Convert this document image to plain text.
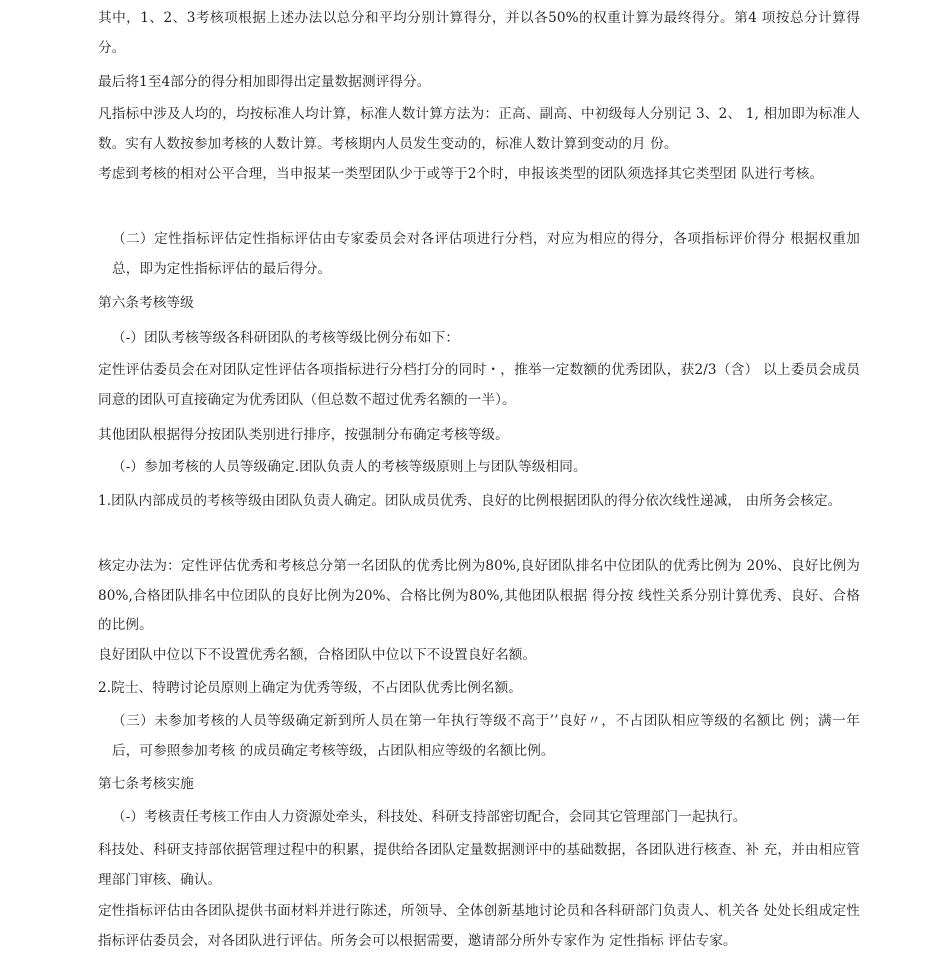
其中，1、2、3考核项根据上述办法以总分和平均分别计算得分，并以各50%的权重计算为最终得分。第4 项按总分计算得分。

最后将1至4部分的得分相加即得出定量数据测评得分。

凡指标中涉及人均的，均按标准人均计算，标准人数计算方法为：正高、副高、中初级每人分别记 3、2、 1, 相加即为标准人数。实有人数按参加考核的人数计算。考核期内人员发生变动的，标准人数计算到变动的月 份。

考虑到考核的相对公平合理，当申报某一类型团队少于或等于2个时，申报该类型的团队须选择其它类型团 队进行考核。

（二）定性指标评估定性指标评估由专家委员会对各评估项进行分档，对应为相应的得分，各项指标评价得分 根据权重加总，即为定性指标评估的最后得分。

第六条考核等级

（-）团队考核等级各科研团队的考核等级比例分布如下：

定性评估委员会在对团队定性评估各项指标进行分档打分的同时・，推举一定数额的优秀团队，获2/3（含） 以上委员会成员同意的团队可直接确定为优秀团队（但总数不超过优秀名额的一半）。

其他团队根据得分按团队类别进行排序，按强制分布确定考核等级。

（-）参加考核的人员等级确定.团队负责人的考核等级原则上与团队等级相同。

1.团队内部成员的考核等级由团队负责人确定。团队成员优秀、良好的比例根据团队的得分依次线性递减， 由所务会核定。

核定办法为：定性评估优秀和考核总分第一名团队的优秀比例为80%,良好团队排名中位团队的优秀比例为 20%、良好比例为80%,合格团队排名中位团队的良好比例为20%、合格比例为80%,其他团队根据 得分按 线性关系分别计算优秀、良好、合格的比例。

良好团队中位以下不设置优秀名额，合格团队中位以下不设置良好名额。

2.院士、特聘讨论员原则上确定为优秀等级，不占团队优秀比例名额。

（三）未参加考核的人员等级确定新到所人员在第一年执行等级不高于’’良好〃，不占团队相应等级的名额比 例；满一年后，可参照参加考核 的成员确定考核等级，占团队相应等级的名额比例。

第七条考核实施

（-）考核责任考核工作由人力资源处牵头，科技处、科研支持部密切配合，会同其它管理部门一起执行。

科技处、科研支持部依据管理过程中的积累，提供给各团队定量数据测评中的基础数据，各团队进行核查、补 充，并由相应管理部门审核、确认。

定性指标评估由各团队提供书面材料并进行陈述，所领导、全体创新基地讨论员和各科研部门负责人、机关各 处处长组成定性指标评估委员会，对各团队进行评估。所务会可以根据需要，邀请部分所外专家作为 定性指标 评估专家。
